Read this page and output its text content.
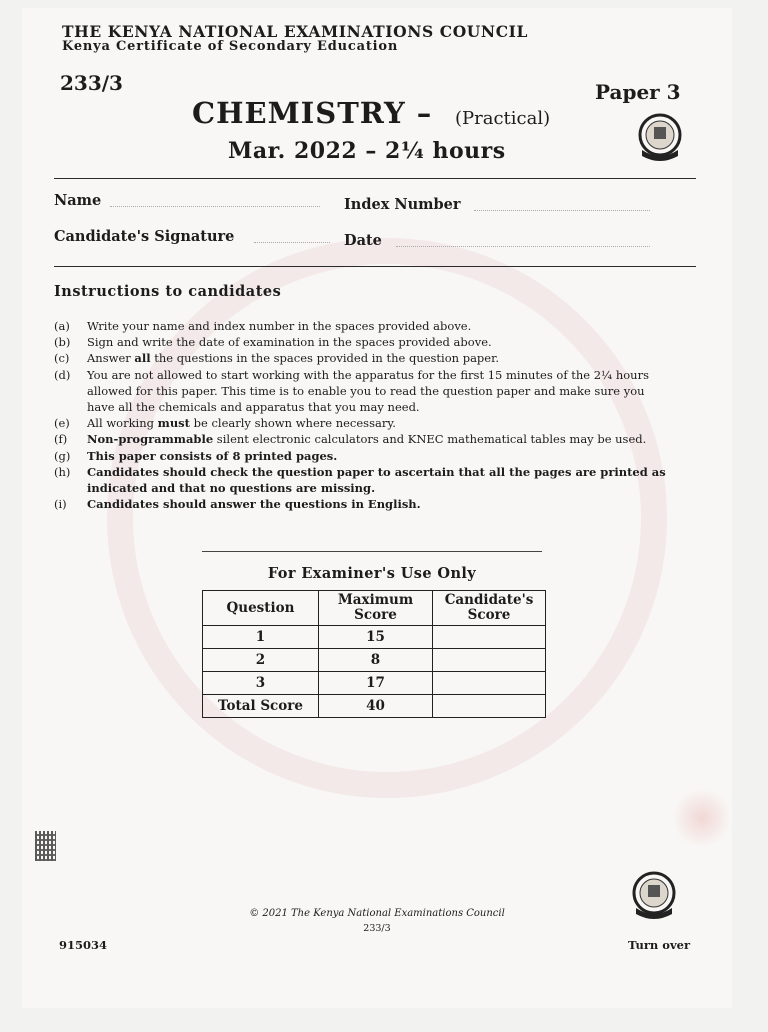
THE KENYA NATIONAL EXAMINATIONS COUNCIL
Kenya Certificate of Secondary Education
233/3	Paper 3
CHEMISTRY – (Practical)
Mar. 2022 – 2¼ hours
Name	Index Number
Candidate's Signature	Date
Instructions to candidates
(a)	Write your name and index number in the spaces provided above.
(b)	Sign and write the date of examination in the spaces provided above.
(c)	Answer all the questions in the spaces provided in the question paper.
(d)	You are not allowed to start working with the apparatus for the first 15 minutes of the 2¼ hours allowed for this paper. This time is to enable you to read the question paper and make sure you have all the chemicals and apparatus that you may need.
(e)	All working must be clearly shown where necessary.
(f)	Non-programmable silent electronic calculators and KNEC mathematical tables may be used.
(g)	This paper consists of 8 printed pages.
(h)	Candidates should check the question paper to ascertain that all the pages are printed as indicated and that no questions are missing.
(i)	Candidates should answer the questions in English.
For Examiner's Use Only
Question	Maximum Score	Candidate's Score
1	15	
2	8	
3	17	
Total Score	40	
© 2021 The Kenya National Examinations Council
233/3
915034	Turn over
